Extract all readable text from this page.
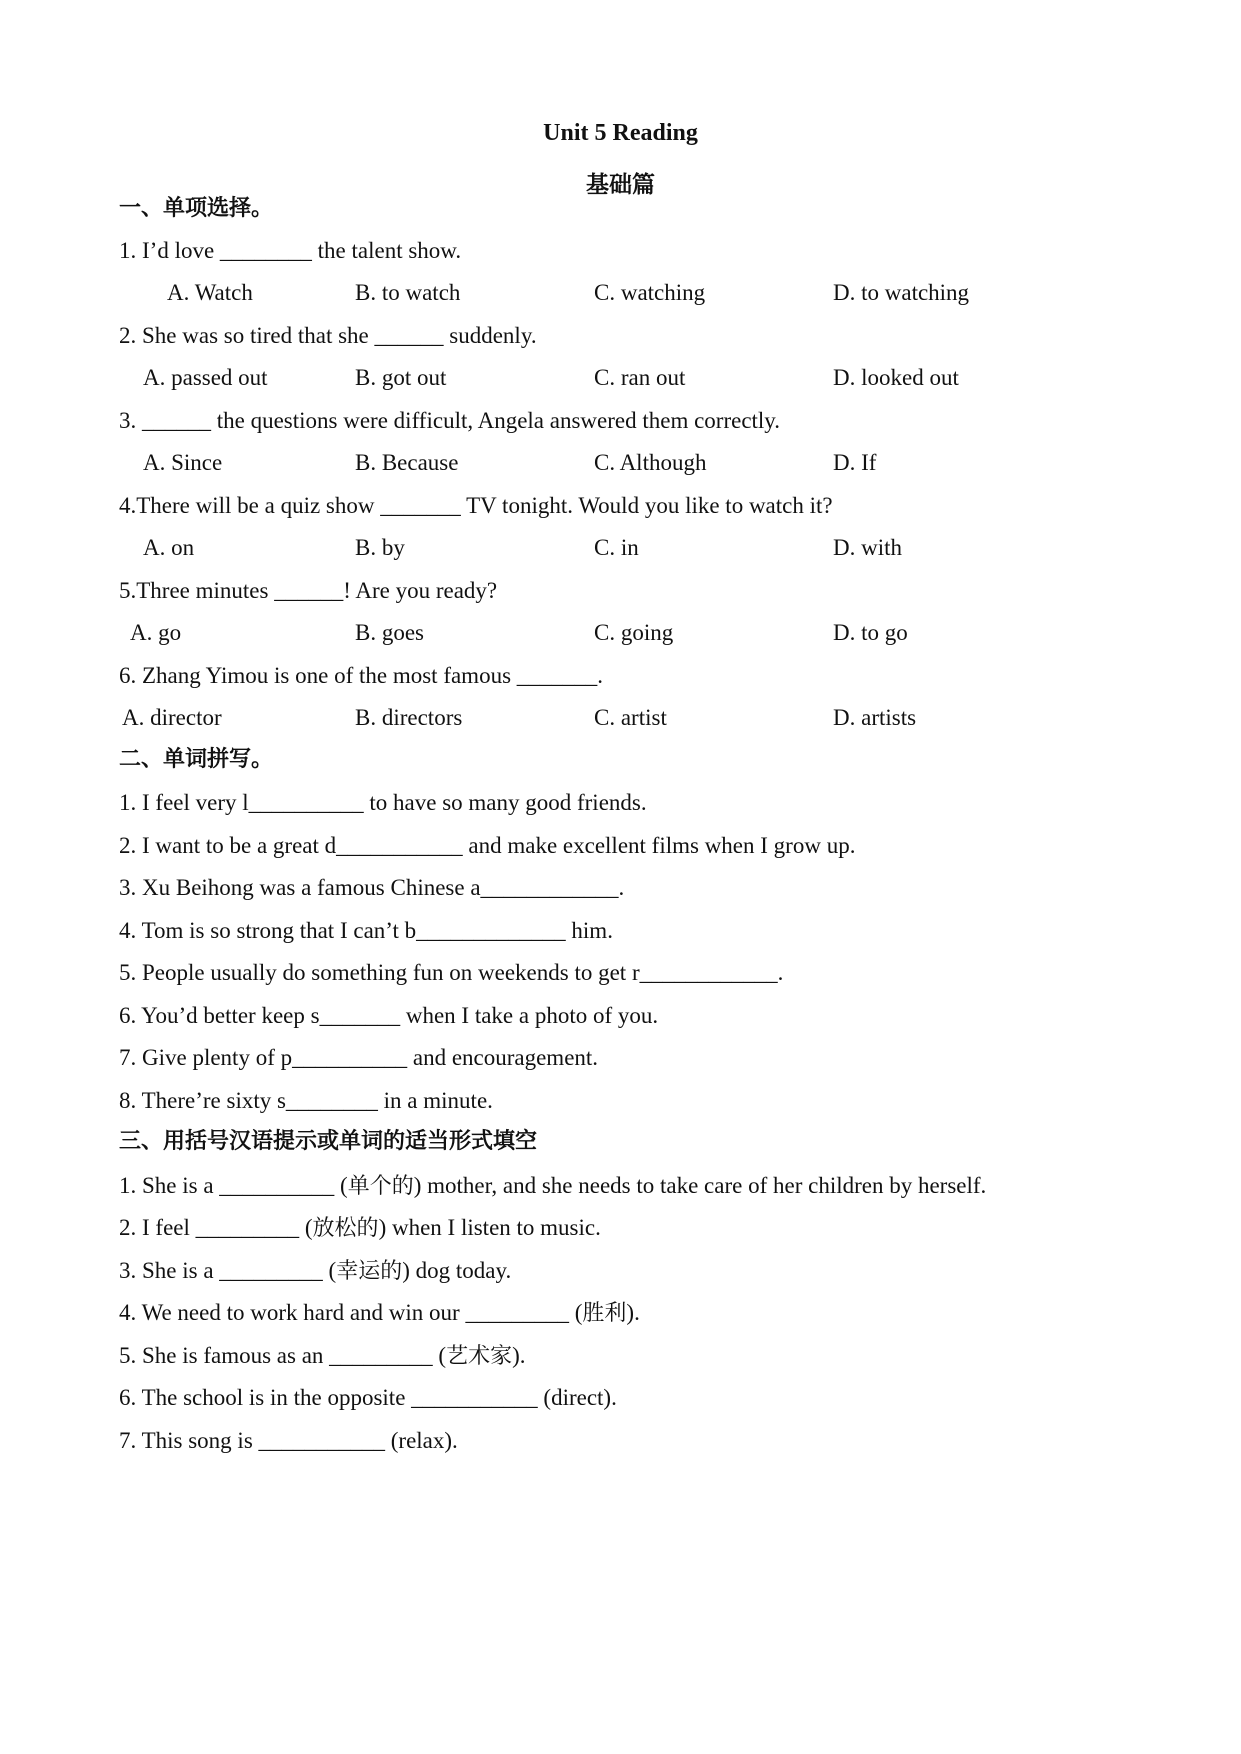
Unit 5 Reading
基础篇
一、单项选择。
1. I’d love ________ the talent show.
A. Watch	B. to watch	C. watching	D. to watching
2. She was so tired that she ______ suddenly.
A. passed out	B. got out	C. ran out	D. looked out
3. ______ the questions were difficult, Angela answered them correctly.
A. Since	B. Because	C. Although	D. If
4.There will be a quiz show _______ TV tonight. Would you like to watch it?
A. on	B. by	C. in	D. with
5.Three minutes ______! Are you ready?
A. go	B. goes	C. going	D. to go
6. Zhang Yimou is one of the most famous _______.
A. director	B. directors	C. artist	D. artists
二、单词拼写。
1. I feel very l__________ to have so many good friends.
2. I want to be a great d___________ and make excellent films when I grow up.
3. Xu Beihong was a famous Chinese a____________.
4. Tom is so strong that I can’t b_____________ him.
5. People usually do something fun on weekends to get r____________.
6. You’d better keep s_______ when I take a photo of you.
7. Give plenty of p__________ and encouragement.
8. There’re sixty s________ in a minute.
三、用括号汉语提示或单词的适当形式填空
1. She is a __________ (单个的) mother, and she needs to take care of her children by herself.
2. I feel _________ (放松的) when I listen to music.
3. She is a _________ (幸运的) dog today.
4. We need to work hard and win our _________ (胜利).
5. She is famous as an _________ (艺术家).
6. The school is in the opposite ___________ (direct).
7. This song is ___________ (relax).
